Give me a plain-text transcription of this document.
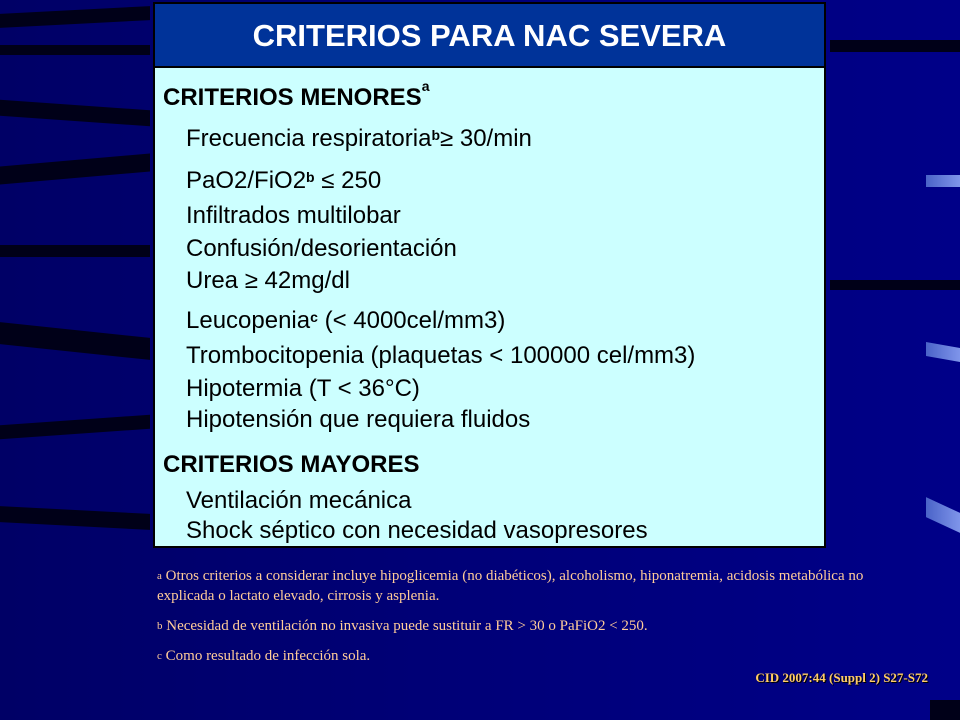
CRITERIOS PARA NAC SEVERA
CRITERIOS MENORES$^a$
Frecuencia respiratoria$^b$≥ 30/min
$PaO2/FiO2^b \le 250$
Infiltrados multilobar
Confusión/desorientación
Urea ≥ 42mg/dl
Leucopenia$^c$ (< 4000cel/mm3)
Trombocitopenia (plaquetas < 100000 cel/mm3)
Hipotermia (T < 36°C)
Hipotensión que requiera fluidos
CRITERIOS MAYORES
Ventilación mecánica
Shock séptico con necesidad vasopresores

$^a$ Otros criterios a considerar incluye hipoglicemia (no diabéticos), alcoholismo, hiponatremia, acidosis metabólica no explicada o lactato elevado, cirrosis y asplenia.

$^b$ Necesidad de ventilación no invasiva puede sustituir a FR > 30 o PaFiO2 < 250.

$^c$ Como resultado de infección sola.

CID 2007:44 (Suppl 2) S27-S72
